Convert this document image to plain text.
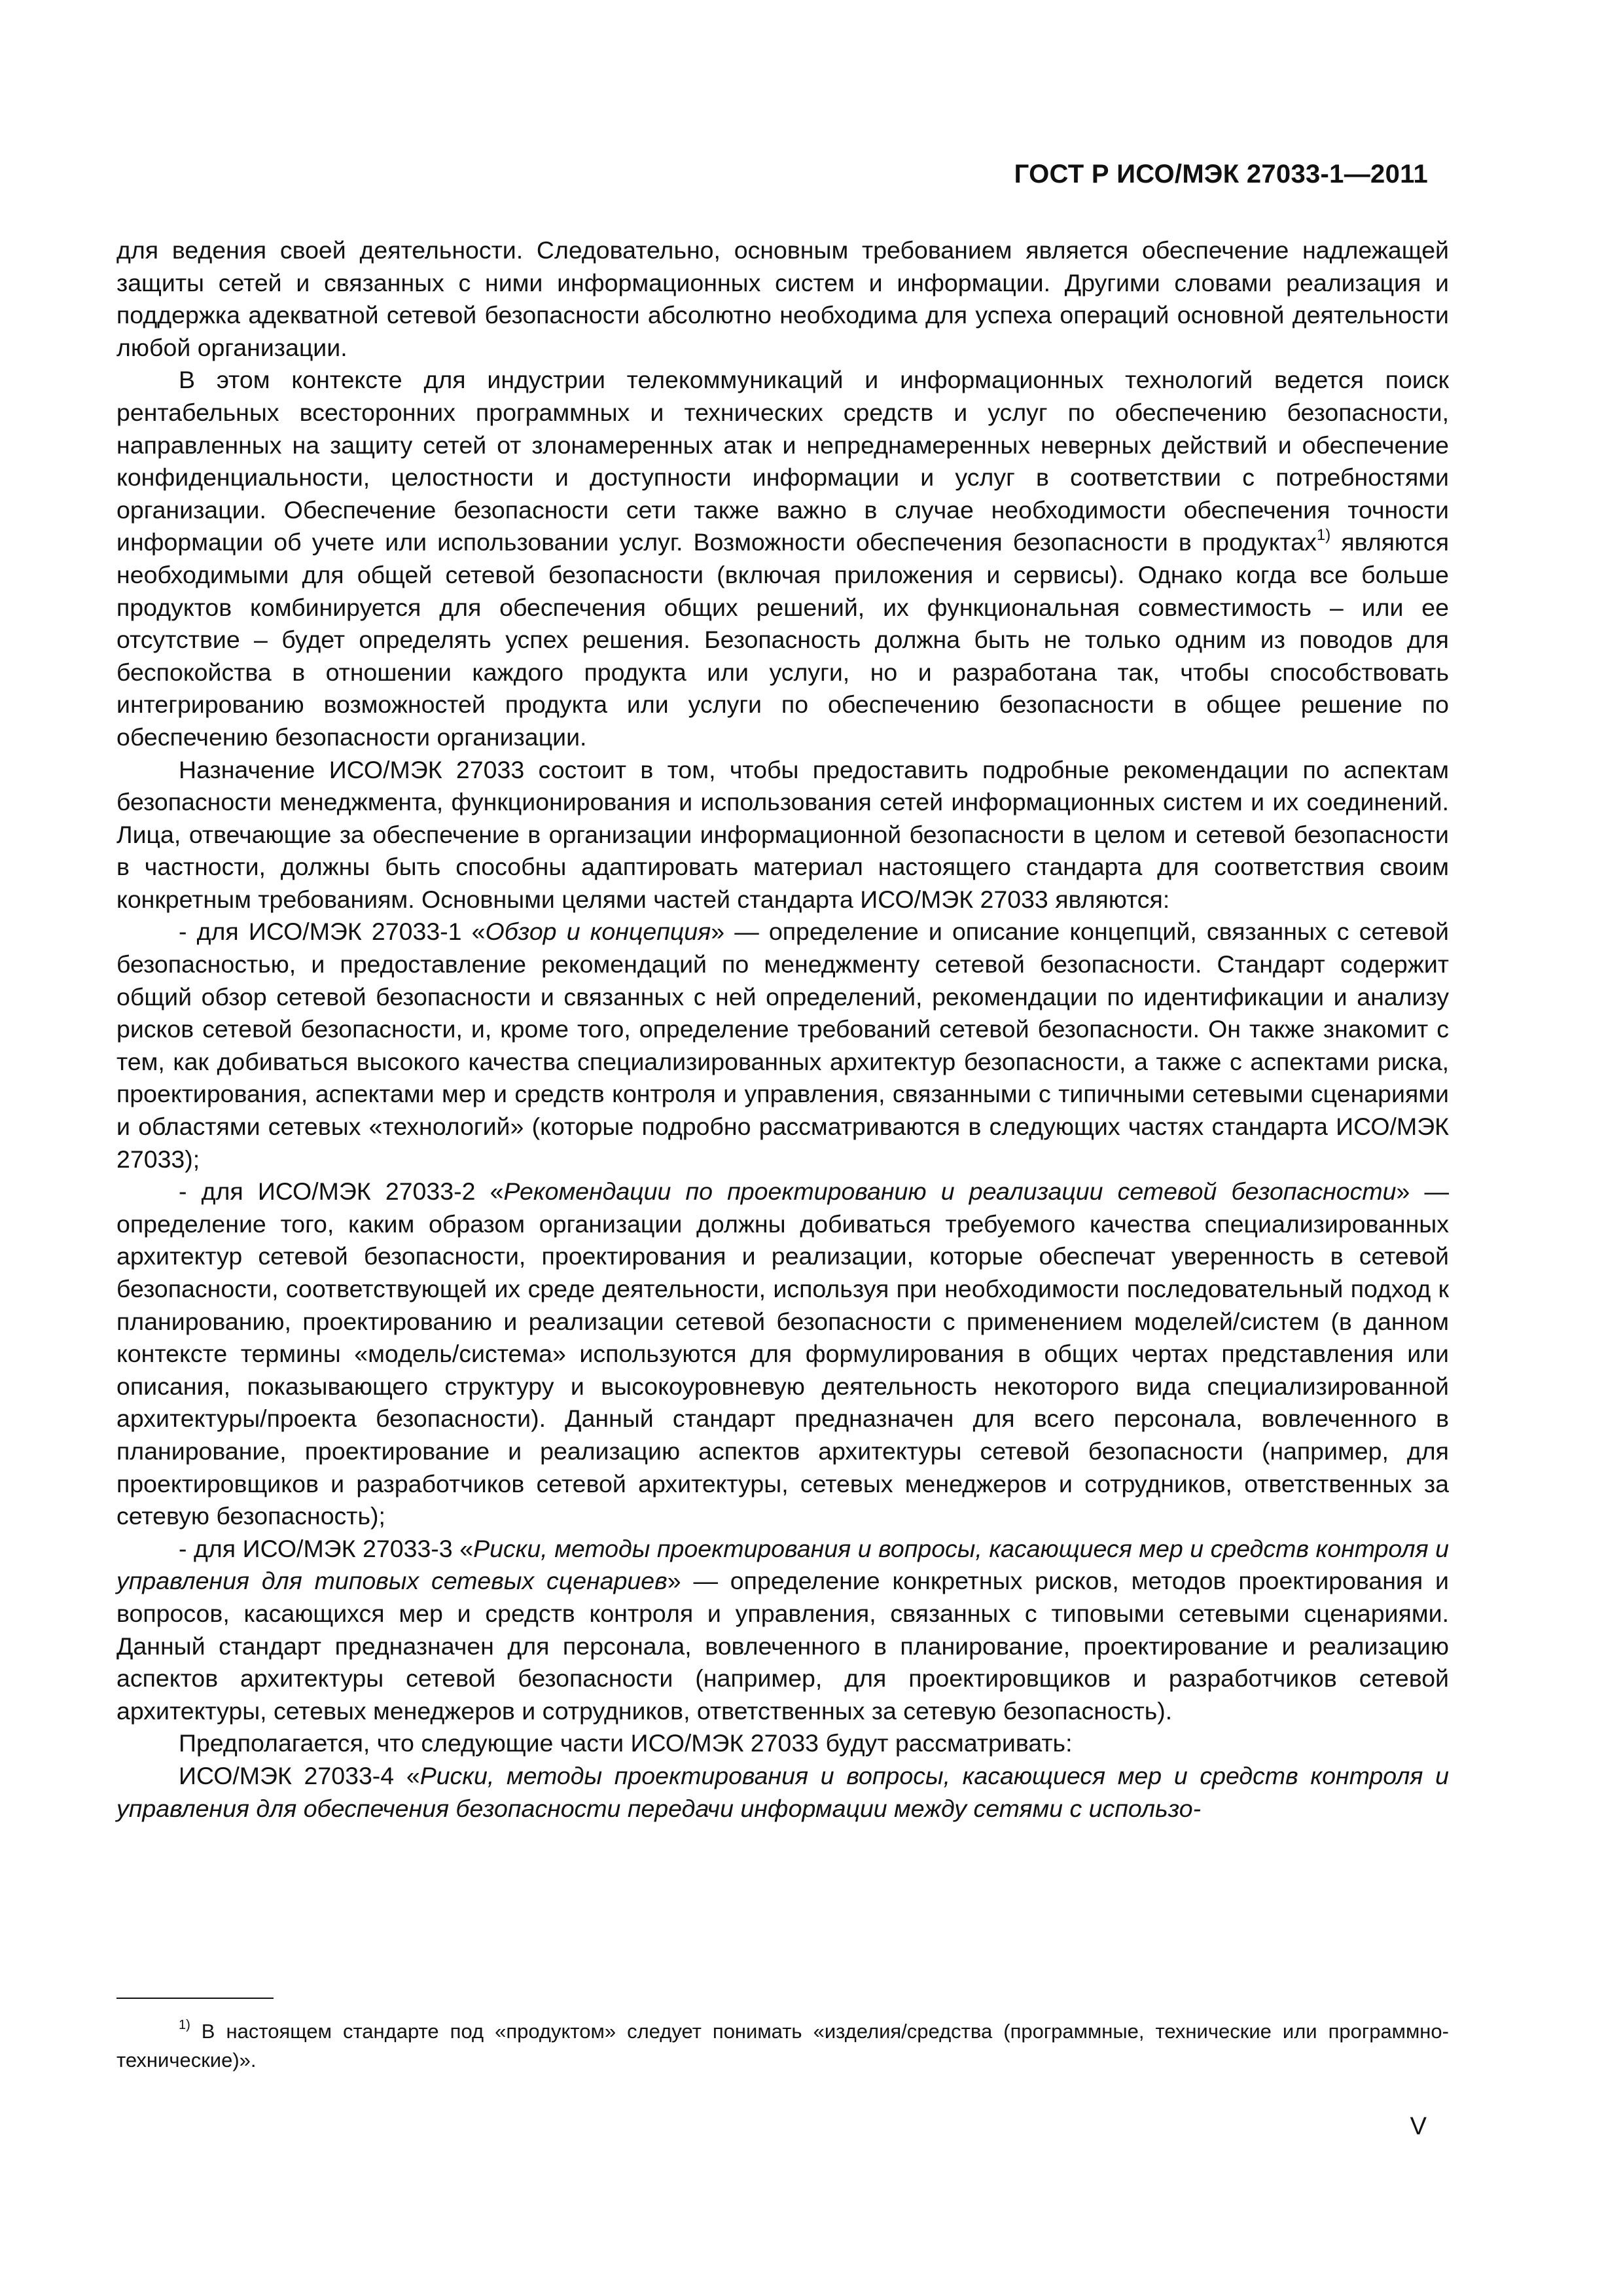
ГОСТ Р ИСО/МЭК 27033-1—2011

для ведения своей деятельности. Следовательно, основным требованием является обеспечение надлежащей защиты сетей и связанных с ними информационных систем и информации. Другими словами реализация и поддержка адекватной сетевой безопасности абсолютно необходима для успеха операций основной деятельности любой организации.

В этом контексте для индустрии телекоммуникаций и информационных технологий ведется поиск рентабельных всесторонних программных и технических средств и услуг по обеспечению безопасности, направленных на защиту сетей от злонамеренных атак и непреднамеренных неверных действий и обеспечение конфиденциальности, целостности и доступности информации и услуг в соответствии с потребностями организации. Обеспечение безопасности сети также важно в случае необходимости обеспечения точности информации об учете или использовании услуг. Возможности обеспечения безопасности в продуктах$^{1)}$ являются необходимыми для общей сетевой безопасности (включая приложения и сервисы). Однако когда все больше продуктов комбинируется для обеспечения общих решений, их функциональная совместимость – или ее отсутствие – будет определять успех решения. Безопасность должна быть не только одним из поводов для беспокойства в отношении каждого продукта или услуги, но и разработана так, чтобы способствовать интегрированию возможностей продукта или услуги по обеспечению безопасности в общее решение по обеспечению безопасности организации.

Назначение ИСО/МЭК 27033 состоит в том, чтобы предоставить подробные рекомендации по аспектам безопасности менеджмента, функционирования и использования сетей информационных систем и их соединений. Лица, отвечающие за обеспечение в организации информационной безопасности в целом и сетевой безопасности в частности, должны быть способны адаптировать материал настоящего стандарта для соответствия своим конкретным требованиям. Основными целями частей стандарта ИСО/МЭК 27033 являются:

- для ИСО/МЭК 27033-1 «Обзор и концепция» — определение и описание концепций, связанных с сетевой безопасностью, и предоставление рекомендаций по менеджменту сетевой безопасности. Стандарт содержит общий обзор сетевой безопасности и связанных с ней определений, рекомендации по идентификации и анализу рисков сетевой безопасности, и, кроме того, определение требований сетевой безопасности. Он также знакомит с тем, как добиваться высокого качества специализированных архитектур безопасности, а также с аспектами риска, проектирования, аспектами мер и средств контроля и управления, связанными с типичными сетевыми сценариями и областями сетевых «технологий» (которые подробно рассматриваются в следующих частях стандарта ИСО/МЭК 27033);

- для ИСО/МЭК 27033-2 «Рекомендации по проектированию и реализации сетевой безопасности» — определение того, каким образом организации должны добиваться требуемого качества специализированных архитектур сетевой безопасности, проектирования и реализации, которые обеспечат уверенность в сетевой безопасности, соответствующей их среде деятельности, используя при необходимости последовательный подход к планированию, проектированию и реализации сетевой безопасности с применением моделей/систем (в данном контексте термины «модель/система» используются для формулирования в общих чертах представления или описания, показывающего структуру и высокоуровневую деятельность некоторого вида специализированной архитектуры/проекта безопасности). Данный стандарт предназначен для всего персонала, вовлеченного в планирование, проектирование и реализацию аспектов архитектуры сетевой безопасности (например, для проектировщиков и разработчиков сетевой архитектуры, сетевых менеджеров и сотрудников, ответственных за сетевую безопасность);

- для ИСО/МЭК 27033-3 «Риски, методы проектирования и вопросы, касающиеся мер и средств контроля и управления для типовых сетевых сценариев» — определение конкретных рисков, методов проектирования и вопросов, касающихся мер и средств контроля и управления, связанных с типовыми сетевыми сценариями. Данный стандарт предназначен для персонала, вовлеченного в планирование, проектирование и реализацию аспектов архитектуры сетевой безопасности (например, для проектировщиков и разработчиков сетевой архитектуры, сетевых менеджеров и сотрудников, ответственных за сетевую безопасность).

Предполагается, что следующие части ИСО/МЭК 27033 будут рассматривать:

ИСО/МЭК 27033-4 «Риски, методы проектирования и вопросы, касающиеся мер и средств контроля и управления для обеспечения безопасности передачи информации между сетями с использо-

$^{1)}$ В настоящем стандарте под «продуктом» следует понимать «изделия/средства (программные, технические или программно-технические)».

V
